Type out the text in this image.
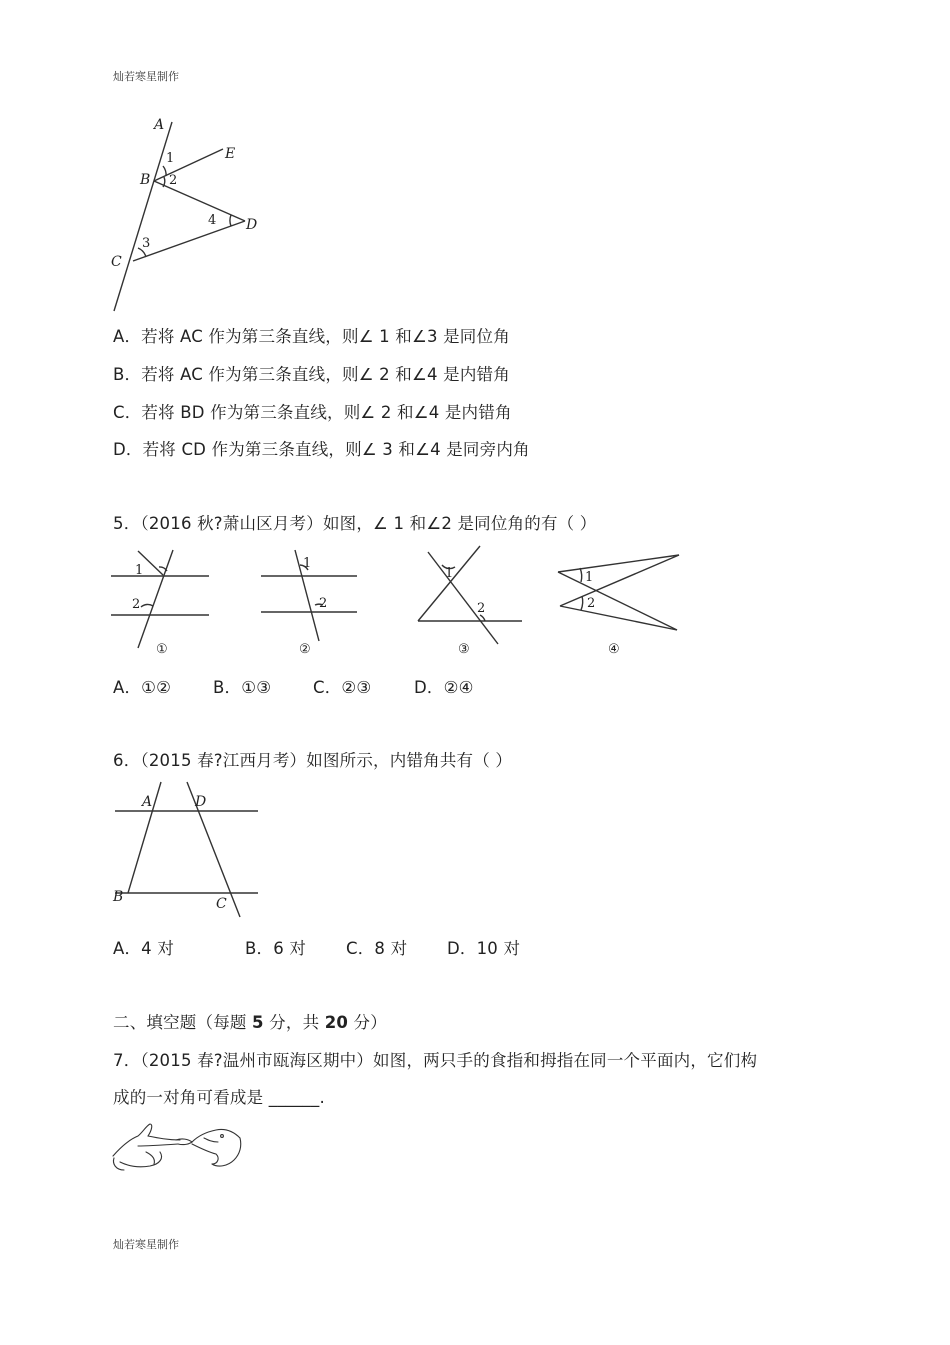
灿若寒星制作
A
E
B
D
C
1
2
4
3
A．若将 AC 作为第三条直线，则∠ 1 和∠3 是同位角
B．若将 AC 作为第三条直线，则∠ 2 和∠4 是内错角
C．若将 BD 作为第三条直线，则∠ 2 和∠4 是内错角
D．若将 CD 作为第三条直线，则∠ 3 和∠4 是同旁内角
5．（2016 秋?萧山区月考）如图，∠ 1 和∠2 是同位角的有（ ）
1
2
①
1
2
②
1
2
③
1
2
④
A．①②	B．①③	C．②③	D．②④
6．（2015 春?江西月考）如图所示，内错角共有（ ）
A	D
B	C
A．4 对	B．6 对 C．8 对 D．10 对
二、填空题（每题 5 分，共 20 分）
7．（2015 春?温州市瓯海区期中）如图，两只手的食指和拇指在同一个平面内，它们构
成的一对角可看成是 ______.
灿若寒星制作
